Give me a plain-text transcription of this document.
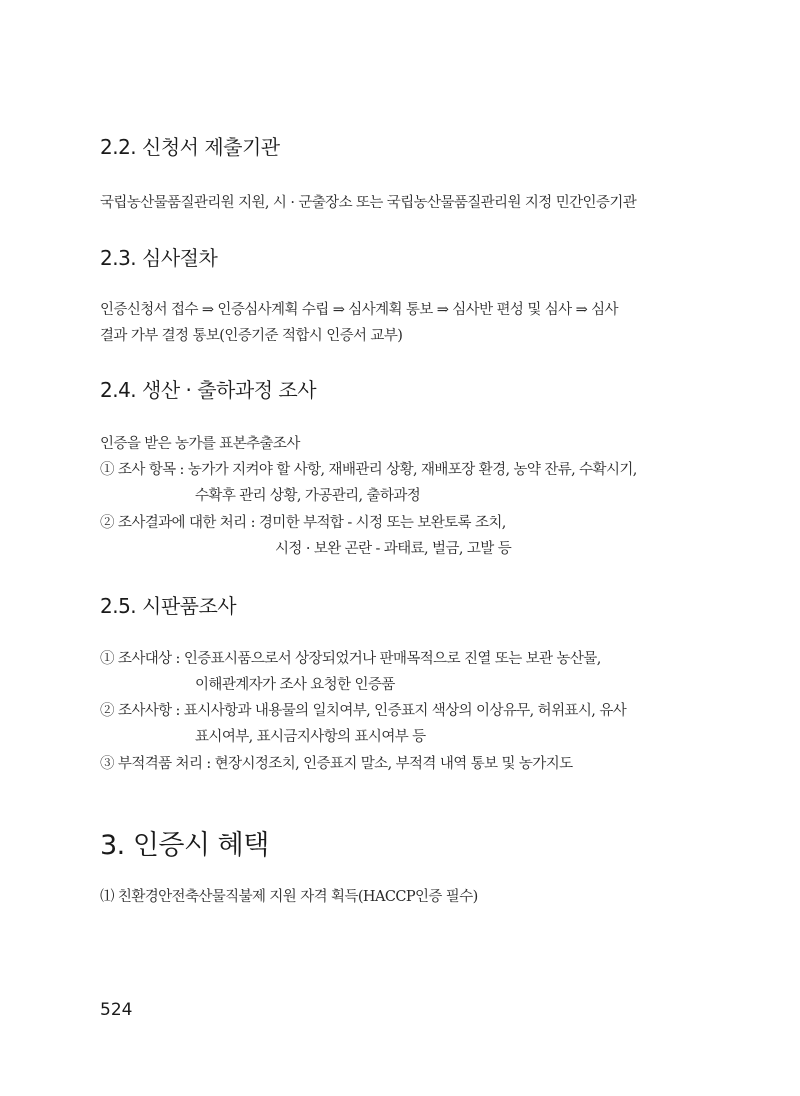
2.2. 신청서 제출기관

국립농산물품질관리원 지원, 시 · 군출장소 또는 국립농산물품질관리원 지정 민간인증기관

2.3. 심사절차

인증신청서 접수 ⇒ 인증심사계획 수립 ⇒ 심사계획 통보 ⇒ 심사반 편성 및 심사 ⇒ 심사

결과 가부 결정 통보(인증기준 적합시 인증서 교부)

2.4. 생산 · 출하과정 조사

인증을 받은 농가를 표본추출조사

① 조사 항목 : 농가가 지켜야 할 사항, 재배관리 상황, 재배포장 환경, 농약 잔류, 수확시기,

수확후 관리 상황, 가공관리, 출하과정

② 조사결과에 대한 처리 : 경미한 부적합 - 시정 또는 보완토록 조치,

시정 · 보완 곤란 - 과태료, 벌금, 고발 등

2.5. 시판품조사

① 조사대상 : 인증표시품으로서 상장되었거나 판매목적으로 진열 또는 보관 농산물,

이해관계자가 조사 요청한 인증품

② 조사사항 : 표시사항과 내용물의 일치여부, 인증표지 색상의 이상유무, 허위표시, 유사

표시여부, 표시금지사항의 표시여부 등

③ 부적격품 처리 : 현장시정조치, 인증표지 말소, 부적격 내역 통보 및 농가지도

3. 인증시 혜택

⑴ 친환경안전축산물직불제 지원 자격 획득(HACCP인증 필수)

524
